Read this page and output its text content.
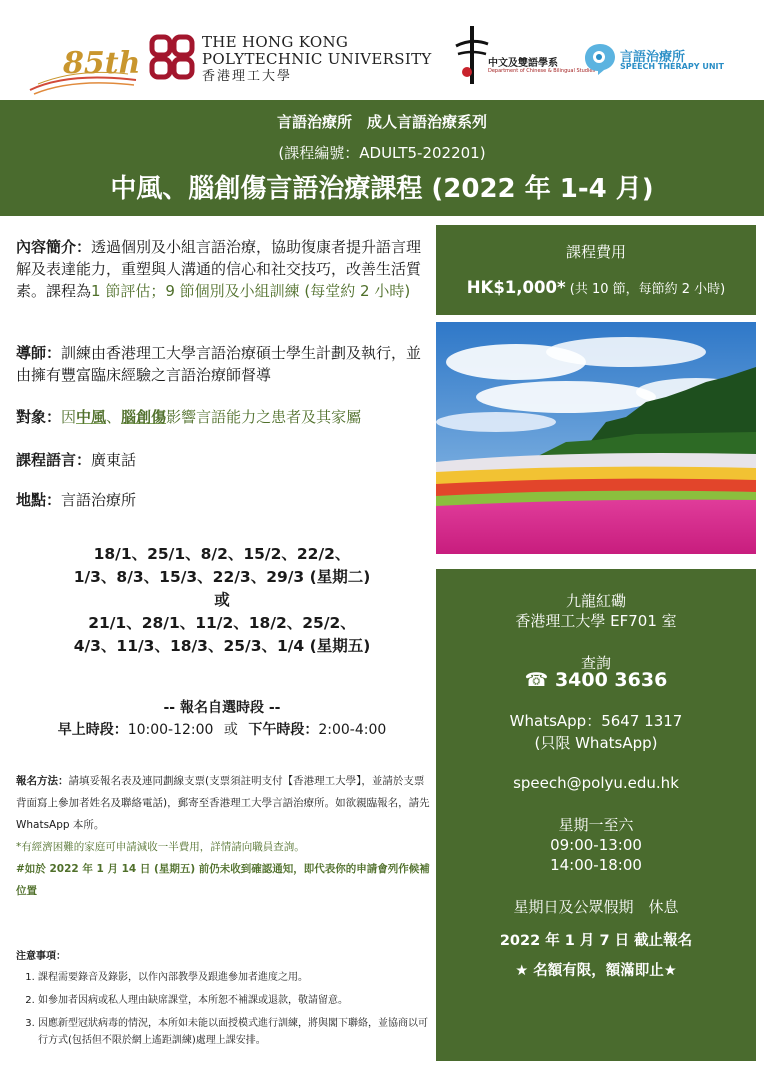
85th
THE HONG KONG
POLYTECHNIC UNIVERSITY
香港理工大學
中文及雙語學系
Department of Chinese & Bilingual Studies
言語治療所
SPEECH THERAPY UNIT
言語治療所　成人言語治療系列
(課程編號：ADULT5-202201)
中風、腦創傷言語治療課程 (2022 年 1-4 月)
內容簡介：透過個別及小組言語治療，協助復康者提升語言理解及表達能力，重塑與人溝通的信心和社交技巧，改善生活質素。課程為1 節評估；9 節個別及小組訓練 (每堂約 2 小時)
導師：訓練由香港理工大學言語治療碩士學生計劃及執行，並由擁有豐富臨床經驗之言語治療師督導
對象：因中風、腦創傷影響言語能力之患者及其家屬
課程語言：廣東話
地點：言語治療所
18/1、25/1、8/2、15/2、22/2、
1/3、8/3、15/3、22/3、29/3 (星期二)
或
21/1、28/1、11/2、18/2、25/2、
4/3、11/3、18/3、25/3、1/4 (星期五)
-- 報名自選時段 --
早上時段：10:00-12:00 或 下午時段：2:00-4:00
報名方法：請填妥報名表及連同劃線支票(支票須註明支付【香港理工大學】，並請於支票背面寫上參加者姓名及聯絡電話)，郵寄至香港理工大學言語治療所。如欲親臨報名，請先 WhatsApp 本所。
*有經濟困難的家庭可申請減收一半費用，詳情請向職員查詢。
#如於 2022 年 1 月 14 日 (星期五) 前仍未收到確認通知，即代表你的申請會列作候補位置
注意事項：
1. 課程需要錄音及錄影，以作內部教學及跟進參加者進度之用。
2. 如參加者因病或私人理由缺席課堂，本所恕不補課或退款，敬請留意。
3. 因應新型冠狀病毒的情況，本所如未能以面授模式進行訓練，將與閣下聯絡，並協商以可行方式(包括但不限於網上遙距訓練)處理上課安排。
課程費用
HK$1,000* (共 10 節，每節約 2 小時)
九龍紅磡
香港理工大學 EF701 室
查詢
☎ 3400 3636
WhatsApp：5647 1317
(只限 WhatsApp)
speech@polyu.edu.hk
星期一至六
09:00-13:00
14:00-18:00
星期日及公眾假期　休息
2022 年 1 月 7 日 截止報名
★ 名額有限，額滿即止★
